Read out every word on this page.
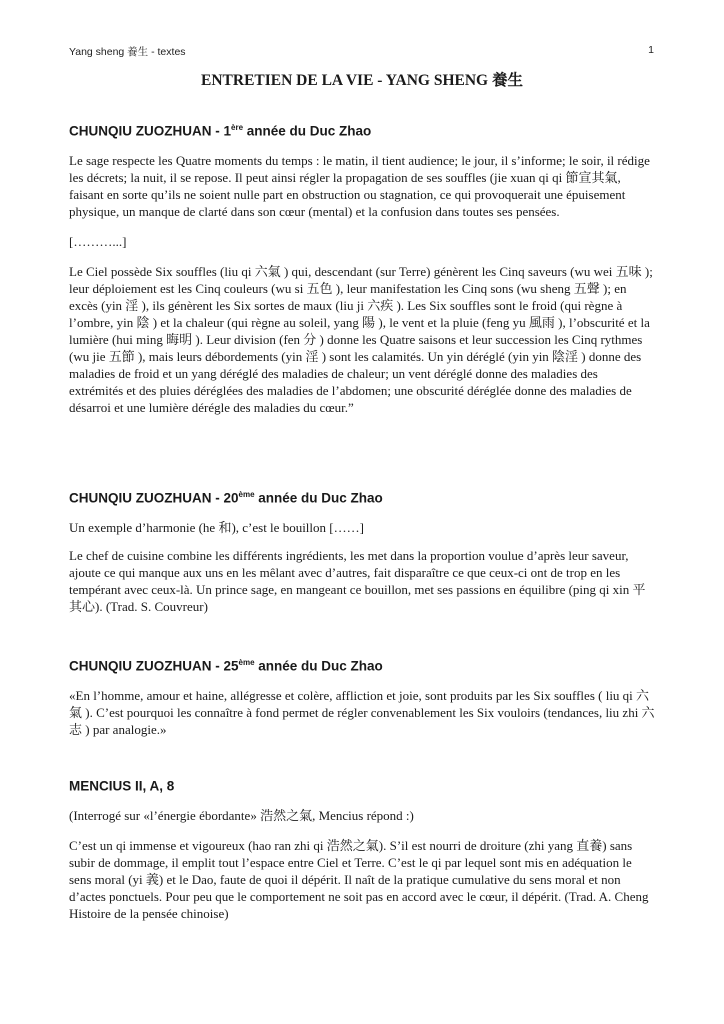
Yang sheng 養生 - textes	1
ENTRETIEN DE LA VIE - YANG SHENG 養生
CHUNQIU ZUOZHUAN - 1ère année du Duc Zhao

Le sage respecte les Quatre moments du temps : le matin, il tient audience; le jour, il s’informe; le soir, il rédige les décrets; la nuit, il se repose. Il peut ainsi régler la propagation de ses souffles (jie xuan qi qi 節宣其氣, faisant en sorte qu’ils ne soient nulle part en obstruction ou stagnation, ce qui provoquerait une épuisement physique, un manque de clarté dans son cœur (mental) et la confusion dans toutes ses pensées.

[………...]

Le Ciel possède Six souffles (liu qi 六氣 ) qui, descendant (sur Terre) génèrent les Cinq saveurs (wu wei 五味 ); leur déploiement est les Cinq couleurs (wu si 五色 ), leur manifestation les Cinq sons (wu sheng 五聲 ); en excès (yin 淫 ), ils génèrent les Six sortes de maux (liu ji 六疾 ). Les Six souffles sont le froid (qui règne à l’ombre, yin 陰 ) et la chaleur (qui règne au soleil, yang 陽 ), le vent et la pluie (feng yu 風雨 ), l’obscurité et la lumière (hui ming 晦明 ). Leur division (fen 分 ) donne les Quatre saisons et leur succession les Cinq rythmes (wu jie 五節 ), mais leurs débordements (yin 淫 ) sont les calamités. Un yin déréglé (yin yin 陰淫 ) donne des maladies de froid et un yang déréglé des maladies de chaleur; un vent déréglé donne des maladies des extrémités et des pluies déréglées des maladies de l’abdomen; une obscurité déréglée donne des maladies de désarroi et une lumière dérégle des maladies du cœur.”

CHUNQIU ZUOZHUAN - 20ème année du Duc Zhao

Un exemple d’harmonie (he 和), c’est le bouillon [……]

Le chef de cuisine combine les différents ingrédients, les met dans la proportion voulue d’après leur saveur, ajoute ce qui manque aux uns en les mêlant avec d’autres, fait disparaître ce que ceux-ci ont de trop en les tempérant avec ceux-là. Un prince sage, en mangeant ce bouillon, met ses passions en équilibre (ping qi xin 平其心). (Trad. S. Couvreur)

CHUNQIU ZUOZHUAN - 25ème année du Duc Zhao

«En l’homme, amour et haine, allégresse et colère, affliction et joie, sont produits par les Six souffles ( liu qi 六氣 ). C’est pourquoi les connaître à fond permet de régler convenablement les Six vouloirs (tendances, liu zhi 六志 ) par analogie.»

MENCIUS II, A, 8

(Interrogé sur «l’énergie ébordante» 浩然之氣, Mencius répond :)

C’est un qi immense et vigoureux (hao ran zhi qi 浩然之氣). S’il est nourri de droiture (zhi yang 直養) sans subir de dommage, il emplit tout l’espace entre Ciel et Terre. C’est le qi par lequel sont mis en adéquation le sens moral (yi 義) et le Dao, faute de quoi il dépérit. Il naît de la pratique cumulative du sens moral et non d’actes ponctuels. Pour peu que le comportement ne soit pas en accord avec le cœur, il dépérit. (Trad. A. Cheng Histoire de la pensée chinoise)
